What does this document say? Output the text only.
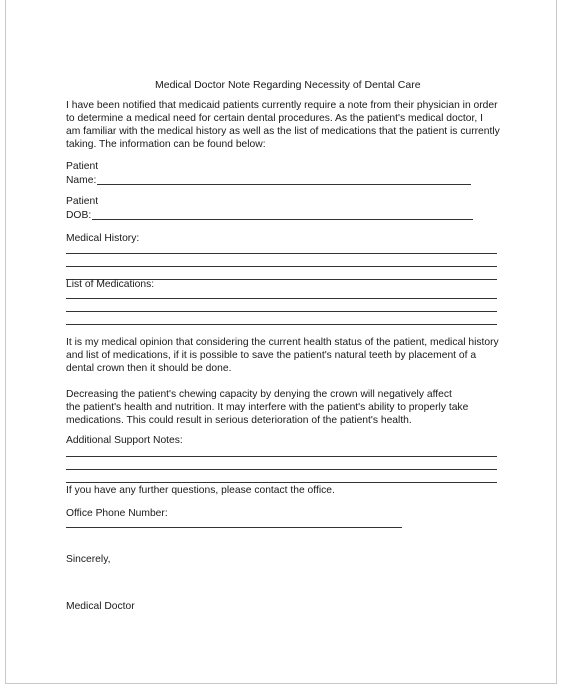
Medical Doctor Note Regarding Necessity of Dental Care
I have been notified that medicaid patients currently require a note from their physician in order
to determine a medical need for certain dental procedures. As the patient's medical doctor, I
am familiar with the medical history as well as the list of medications that the patient is currently
taking. The information can be found below:
Patient
Name:
Patient
DOB:
Medical History:
List of Medications:
It is my medical opinion that considering the current health status of the patient, medical history
and list of medications, if it is possible to save the patient's natural teeth by placement of a
dental crown then it should be done.
Decreasing the patient's chewing capacity by denying the crown will negatively affect
the patient's health and nutrition. It may interfere with the patient's ability to properly take
medications. This could result in serious deterioration of the patient's health.
Additional Support Notes:
If you have any further questions, please contact the office.
Office Phone Number:
Sincerely,
Medical Doctor
